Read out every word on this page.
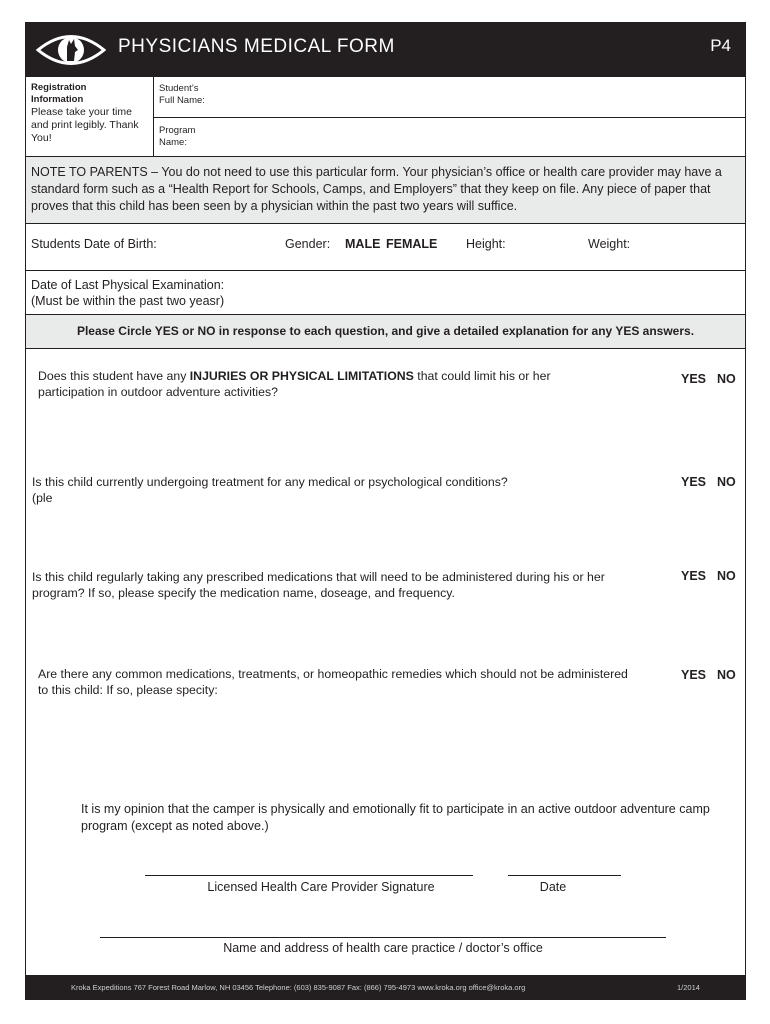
PHYSICIANS MEDICAL FORM	P4
Registration
Information
Please take your time and print legibly. Thank You!
Student’s
Full Name:
Program
Name:
NOTE TO PARENTS – You do not need to use this particular form. Your physician’s office or health care provider may have a standard form such as a “Health Report for Schools, Camps, and Employers” that they keep on file. Any piece of paper that proves that this child has been seen by a physician within the past two years will suffice.
Students Date of Birth:	Gender: MALE FEMALE Height:	Weight:
Date of Last Physical Examination:
(Must be within the past two yeasr)
Please Circle YES or NO in response to each question, and give a detailed explanation for any YES answers.
Does this student have any INJURIES OR PHYSICAL LIMITATIONS that could limit his or her participation in outdoor adventure activities?
YES NO
Is this child currently undergoing treatment for any medical or psychological conditions?
(ple
YES NO
Is this child regularly taking any prescribed medications that will need to be administered during his or her program? If so, please specify the medication name, doseage, and frequency.
YES NO
Are there any common medications, treatments, or homeopathic remedies which should not be administered to this child: If so, please specity:
YES NO
It is my opinion that the camper is physically and emotionally fit to participate in an active outdoor adventure camp program (except as noted above.)
Licensed Health Care Provider Signature	Date
Name and address of health care practice / doctor’s office
Kroka Expeditions 767 Forest Road Marlow, NH 03456 Telephone: (603) 835-9087 Fax: (866) 795-4973 www.kroka.org office@kroka.org	1/2014
